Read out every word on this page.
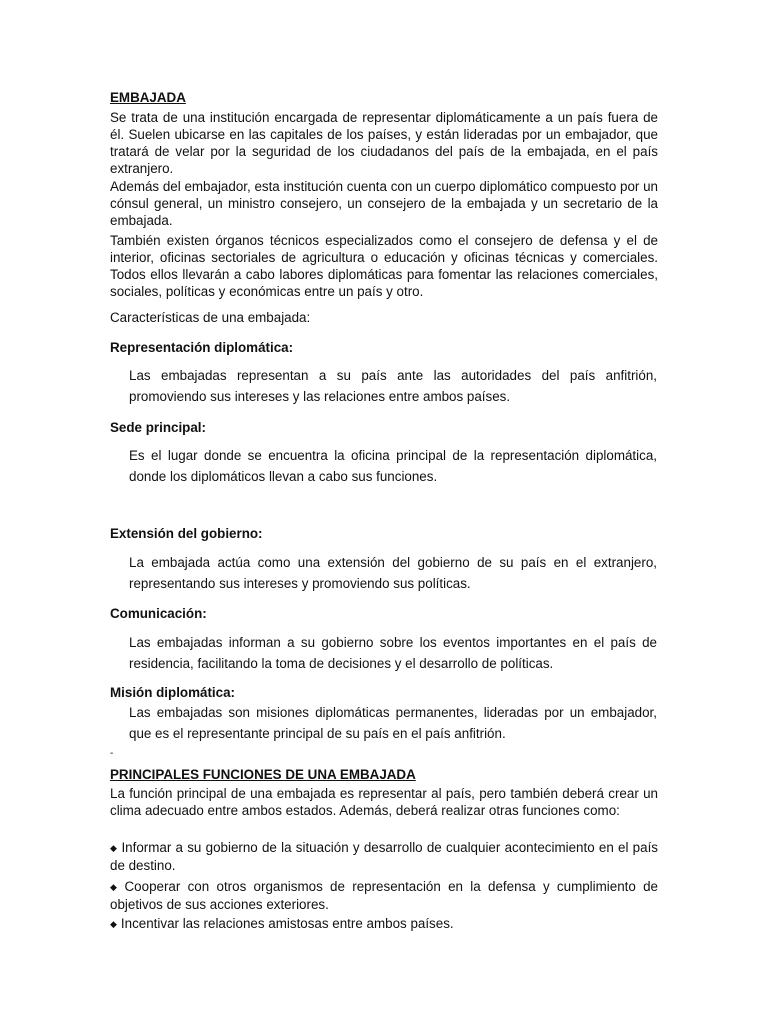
EMBAJADA

Se trata de una institución encargada de representar diplomáticamente a un país fuera de él. Suelen ubicarse en las capitales de los países, y están lideradas por un embajador, que tratará de velar por la seguridad de los ciudadanos del país de la embajada, en el país extranjero.

Además del embajador, esta institución cuenta con un cuerpo diplomático compuesto por un cónsul general, un ministro consejero, un consejero de la embajada y un secretario de la embajada.

También existen órganos técnicos especializados como el consejero de defensa y el de interior, oficinas sectoriales de agricultura o educación y oficinas técnicas y comerciales. Todos ellos llevarán a cabo labores diplomáticas para fomentar las relaciones comerciales, sociales, políticas y económicas entre un país y otro.

Características de una embajada:
Representación diplomática:

Las embajadas representan a su país ante las autoridades del país anfitrión, promoviendo sus intereses y las relaciones entre ambos países.

Sede principal:

Es el lugar donde se encuentra la oficina principal de la representación diplomática, donde los diplomáticos llevan a cabo sus funciones.

Extensión del gobierno:

La embajada actúa como una extensión del gobierno de su país en el extranjero, representando sus intereses y promoviendo sus políticas.

Comunicación:

Las embajadas informan a su gobierno sobre los eventos importantes en el país de residencia, facilitando la toma de decisiones y el desarrollo de políticas.

Misión diplomática:

Las embajadas son misiones diplomáticas permanentes, lideradas por un embajador, que es el representante principal de su país en el país anfitrión.

-
PRINCIPALES FUNCIONES DE UNA EMBAJADA

La función principal de una embajada es representar al país, pero también deberá crear un clima adecuado entre ambos estados. Además, deberá realizar otras funciones como:

◆ Informar a su gobierno de la situación y desarrollo de cualquier acontecimiento en el país de destino.

◆ Cooperar con otros organismos de representación en la defensa y cumplimiento de objetivos de sus acciones exteriores.

◆ Incentivar las relaciones amistosas entre ambos países.
